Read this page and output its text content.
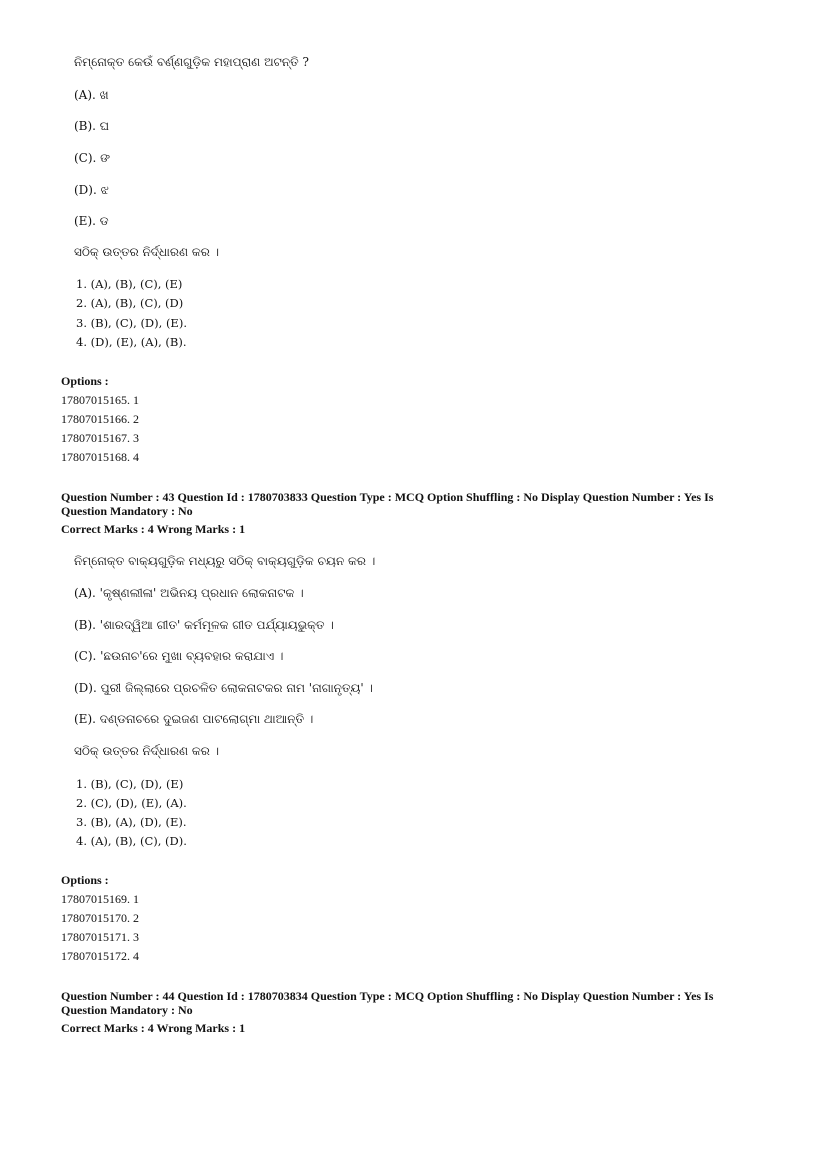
ନିମ୍ନୋକ୍ତ କେଉଁ ବର୍ଣ୍ଣଗୁଡ଼ିକ ମହାପ୍ରାଣ ଅଟନ୍ତି ?
(A). ଖ
(B). ଘ
(C). ଙ
(D). ଝ
(E). ଡ
ସଠିକ୍ ଉତ୍ତର ନିର୍ଦ୍ଧାରଣ କର ।
1. (A), (B), (C), (E)
2. (A), (B), (C), (D)
3. (B), (C), (D), (E).
4. (D), (E), (A), (B).
Options :
17807015165. 1
17807015166. 2
17807015167. 3
17807015168. 4
Question Number : 43 Question Id : 1780703833 Question Type : MCQ Option Shuffling : No Display Question Number : Yes Is
Question Mandatory : No
Correct Marks : 4 Wrong Marks : 1
ନିମ୍ନୋକ୍ତ ବାକ୍ୟଗୁଡ଼ିକ ମଧ୍ୟରୁ ସଠିକ୍ ବାକ୍ୟଗୁଡ଼ିକ ଚୟନ କର ।
(A). 'କୃଷ୍ଣଲୀଳା' ଅଭିନୟ ପ୍ରଧାନ ଲୋକନାଟକ ।
(B). 'ଶାରଦ୍ୱିଆ ଗୀତ' କର୍ମମୂଳକ ଗୀତ ପର୍ଯ୍ୟାୟଭୁକ୍ତ ।
(C). 'ଛଉନାଚ'ରେ ମୁଖା ବ୍ୟବହାର କରାଯାଏ ।
(D). ପୁରୀ ଜିଲ୍ଲାରେ ପ୍ରଚଳିତ ଲୋକନାଟକର ନାମ 'ନାଗାନୃତ୍ୟ' ।
(E). ଦଣ୍ଡନାଚରେ ଦୁଇଜଣ ପାଟଲୋଗ୍ମା ଥାଆନ୍ତି ।
ସଠିକ୍ ଉତ୍ତର ନିର୍ଦ୍ଧାରଣ କର ।
1. (B), (C), (D), (E)
2. (C), (D), (E), (A).
3. (B), (A), (D), (E).
4. (A), (B), (C), (D).
Options :
17807015169. 1
17807015170. 2
17807015171. 3
17807015172. 4
Question Number : 44 Question Id : 1780703834 Question Type : MCQ Option Shuffling : No Display Question Number : Yes Is
Question Mandatory : No
Correct Marks : 4 Wrong Marks : 1
